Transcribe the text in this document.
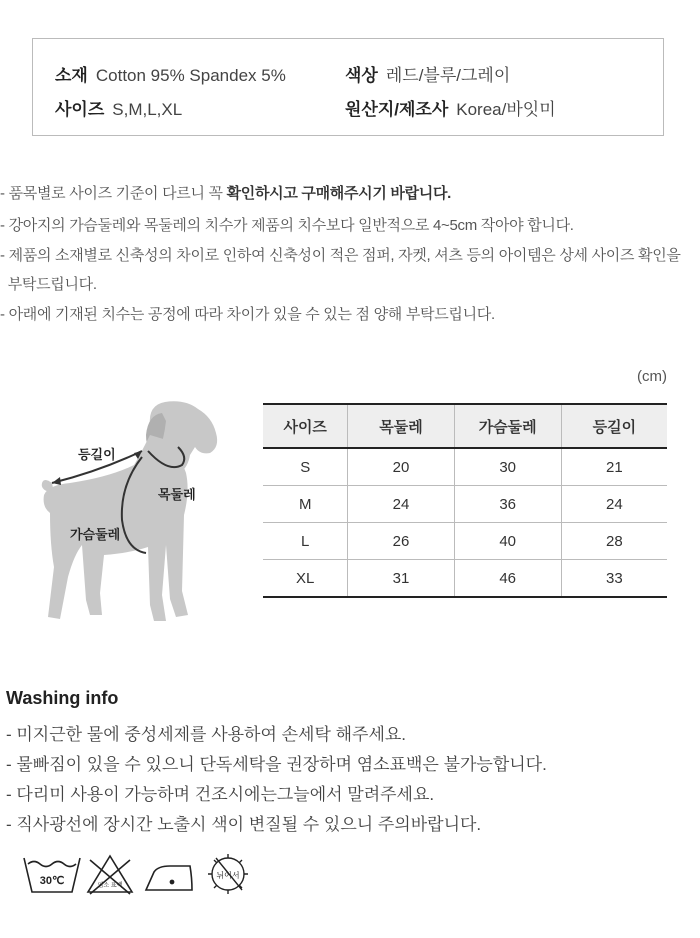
소재 Cotton 95% Spandex 5%	색상 레드/블루/그레이
사이즈 S,M,L,XL	원산지/제조사 Korea/바잇미
- 품목별로 사이즈 기준이 다르니 꼭 확인하시고 구매해주시기 바랍니다.
- 강아지의 가슴둘레와 목둘레의 치수가 제품의 치수보다 일반적으로 4~5cm 작아야 합니다.
- 제품의 소재별로 신축성의 차이로 인하여 신축성이 적은 점퍼, 자켓, 셔츠 등의 아이템은 상세 사이즈 확인을
부탁드립니다.
- 아래에 기재된 치수는 공정에 따라 차이가 있을 수 있는 점 양해 부탁드립니다.
등길이
목둘레
가슴둘레
(cm)
사이즈	목둘레	가슴둘레	등길이
S	20	30	21
M	24	36	24
L	26	40	28
XL	31	46	33
Washing info
- 미지근한 물에 중성세제를 사용하여 손세탁 해주세요.
- 물빠짐이 있을 수 있으니 단독세탁을 권장하며 염소표백은 불가능합니다.
- 다리미 사용이 가능하며 건조시에는그늘에서 말려주세요.
- 직사광선에 장시간 노출시 색이 변질될 수 있으니 주의바랍니다.
30℃	염소 표백
뉘어서
